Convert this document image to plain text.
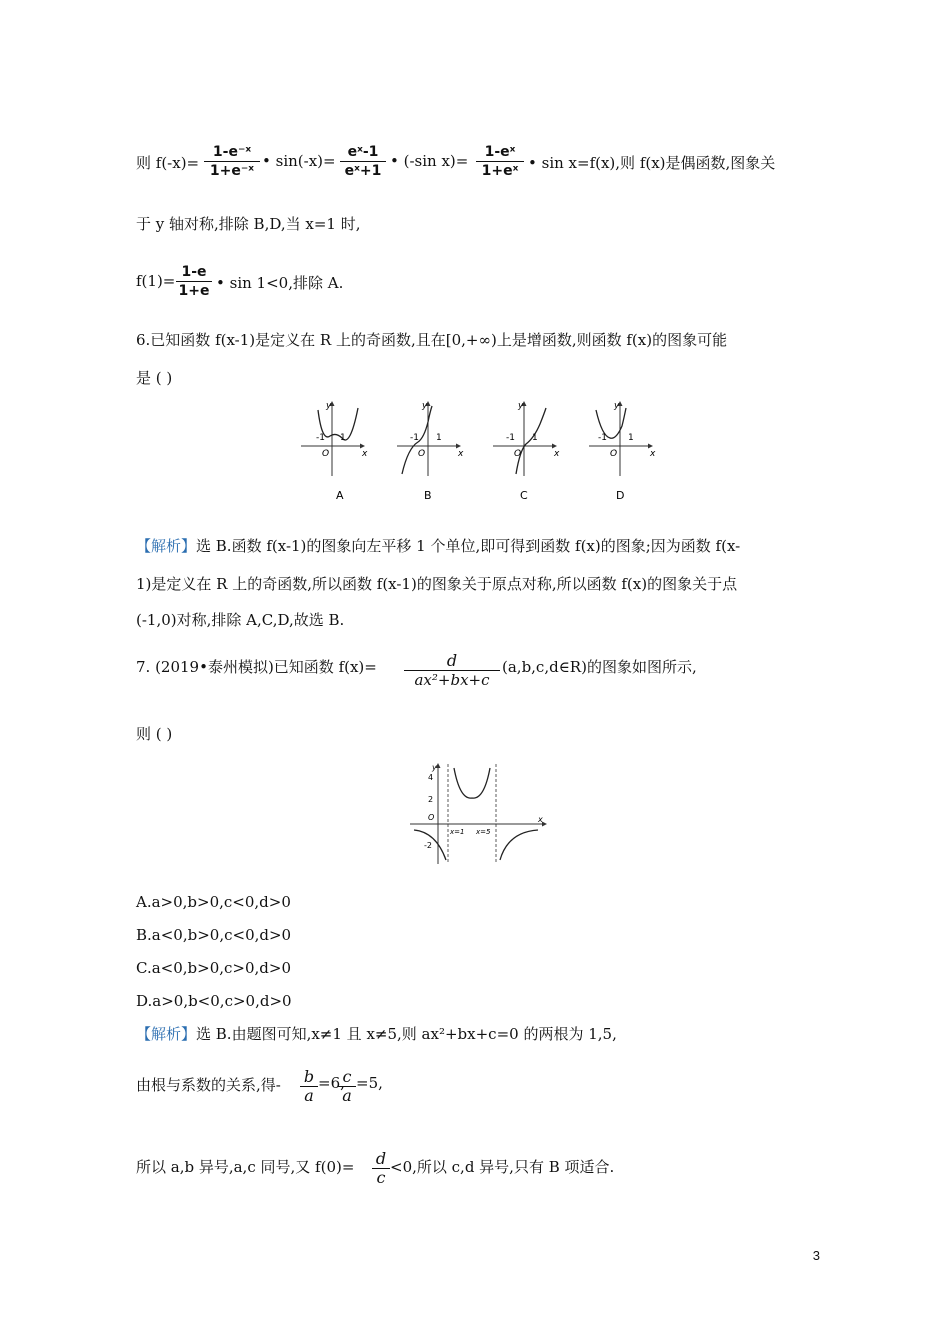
则 $f(-x)= \frac{\text{1-e⁻ˣ}}{\text{1+e⁻ˣ}}$ • $\sin(-x)= \frac{\text{eˣ-1}}{\text{eˣ+1}}$ • (-sin $x)= \frac{\text{1-eˣ}}{\text{1+eˣ}}$ • sin x=f(x),则 f(x)是偶函数,图象关
于 y 轴对称,排除 B,D,当 x=1 时,
$f(1)= \frac{1-e}{1+e}$ • sin 1<0,排除 A.
6.已知函数 f(x-1)是定义在 R 上的奇函数,且在[0,+∞)上是增函数,则函数 f(x)的图象可能
是 ( )
y
x
O
-1 1
A
y
x
O
-1 1
B
y
x
O
-1 1
C
y
x
O
-1 1
D
【解析】选 B.函数 f(x-1)的图象向左平移 1 个单位,即可得到函数 f(x)的图象;因为函数 f(x-
1)是定义在 R 上的奇函数,所以函数 f(x-1)的图象关于原点对称,所以函数 f(x)的图象关于点
(-1,0)对称,排除 A,C,D,故选 B.
7. (2019•泰州模拟)已知函数 $f(x)= \frac{d}{\text{ax²+bx+c}}$ (a,b,c,d∈R)的图象如图所示,
则 ( )
y
x
O
4
2
-2
x=1 x=5
A.a>0,b>0,c<0,d>0
B.a<0,b>0,c<0,d>0
C.a<0,b>0,c>0,d>0
D.a>0,b<0,c>0,d>0
【解析】选 B.由题图可知,x≠1 且 x≠5,则 ax²+bx+c=0 的两根为 1,5,
由根与系数的关系,得- $\frac{b}{a} =6$,
$\frac{c}{a} =5$,
所以 a,b 异号,a,c 同号,又 $f(0)= \frac{d}{c} <0$,所以 c,d 异号,只有 B 项适合.
3
